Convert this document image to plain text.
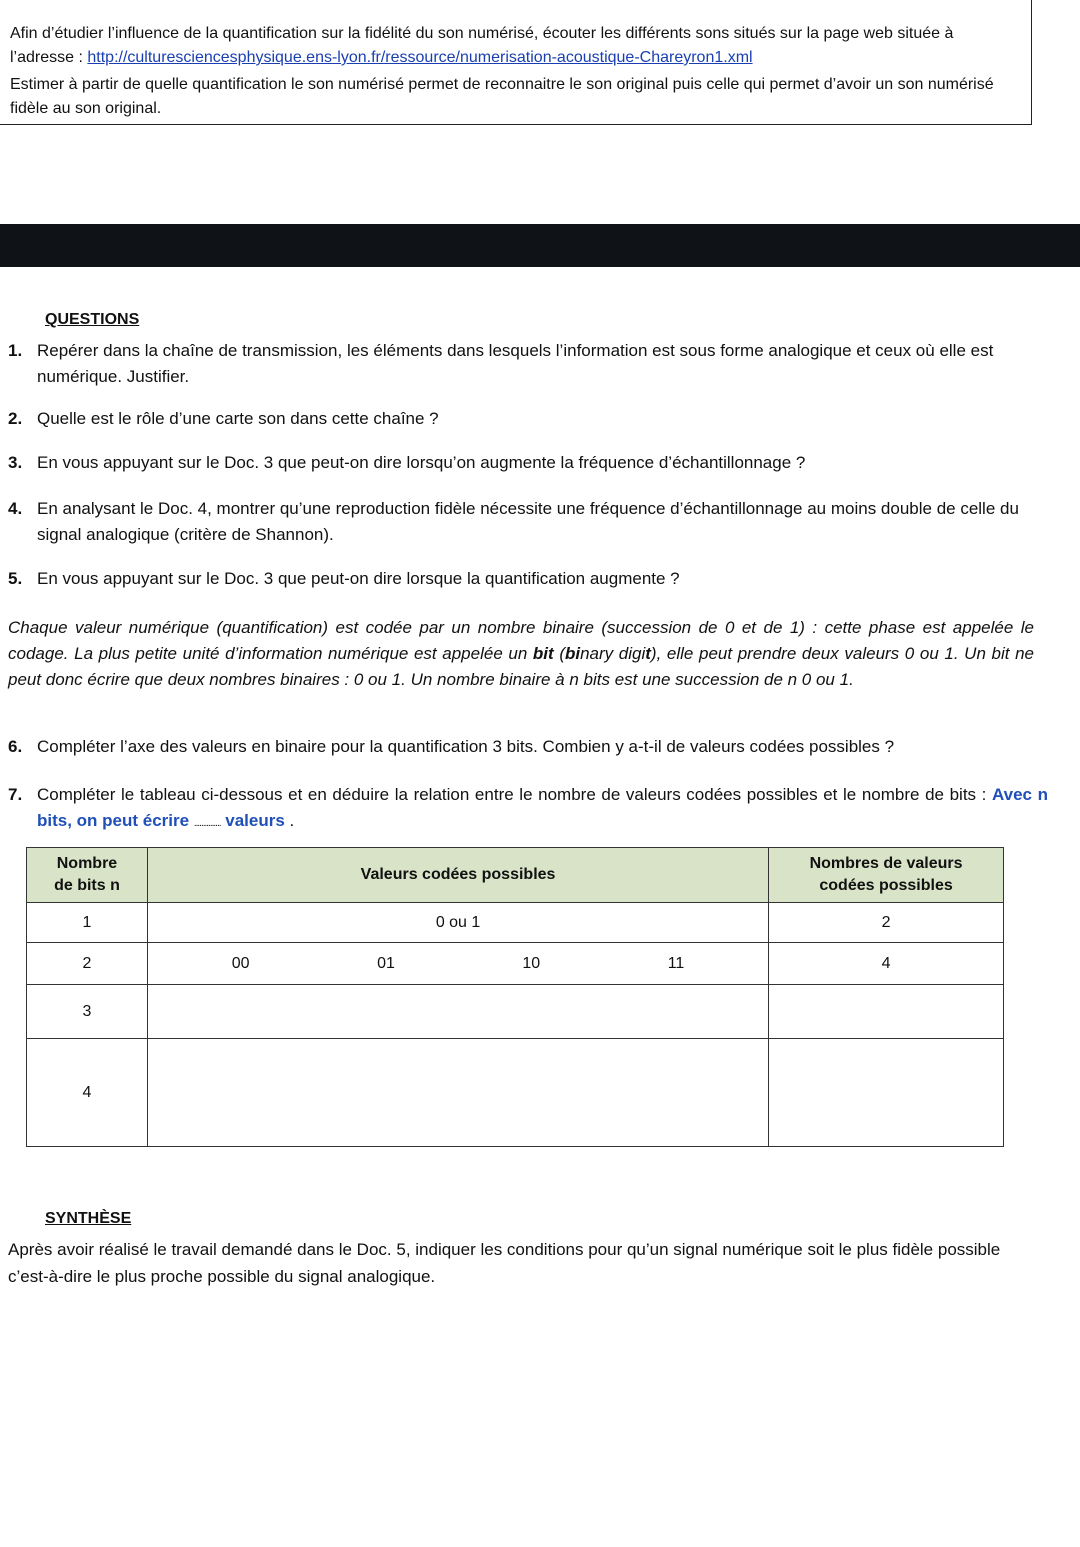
Afin d’étudier l’influence de la quantification sur la fidélité du son numérisé, écouter les différents sons situés sur la page web située à l’adresse : http://culturesciencesphysique.ens-lyon.fr/ressource/numerisation-acoustique-Chareyron1.xml

Estimer à partir de quelle quantification le son numérisé permet de reconnaitre le son original puis celle qui permet d’avoir un son numérisé fidèle au son original.

QUESTIONS
1. Repérer dans la chaîne de transmission, les éléments dans lesquels l’information est sous forme analogique et ceux où elle est numérique. Justifier.
2. Quelle est le rôle d’une carte son dans cette chaîne ?
3. En vous appuyant sur le Doc. 3 que peut-on dire lorsqu’on augmente la fréquence d’échantillonnage ?
4. En analysant le Doc. 4, montrer qu’une reproduction fidèle nécessite une fréquence d’échantillonnage au moins double de celle du signal analogique (critère de Shannon).
5. En vous appuyant sur le Doc. 3 que peut-on dire lorsque la quantification augmente ?
Chaque valeur numérique (quantification) est codée par un nombre binaire (succession de 0 et de 1) : cette phase est appelée le codage. La plus petite unité d’information numérique est appelée un bit (binary digit), elle peut prendre deux valeurs 0 ou 1. Un bit ne peut donc écrire que deux nombres binaires : 0 ou 1. Un nombre binaire à n bits est une succession de n 0 ou 1.
6. Compléter l’axe des valeurs en binaire pour la quantification 3 bits. Combien y a-t-il de valeurs codées possibles ?
7. Compléter le tableau ci-dessous et en déduire la relation entre le nombre de valeurs codées possibles et le nombre de bits : Avec n bits, on peut écrire ............... valeurs .
Nombre de bits n	Valeurs codées possibles	Nombres de valeurs codées possibles
1	0 ou 1	2
2	00 01 10 11	4
3		
4		
SYNTHÈSE
Après avoir réalisé le travail demandé dans le Doc. 5, indiquer les conditions pour qu’un signal numérique soit le plus fidèle possible c’est-à-dire le plus proche possible du signal analogique.
